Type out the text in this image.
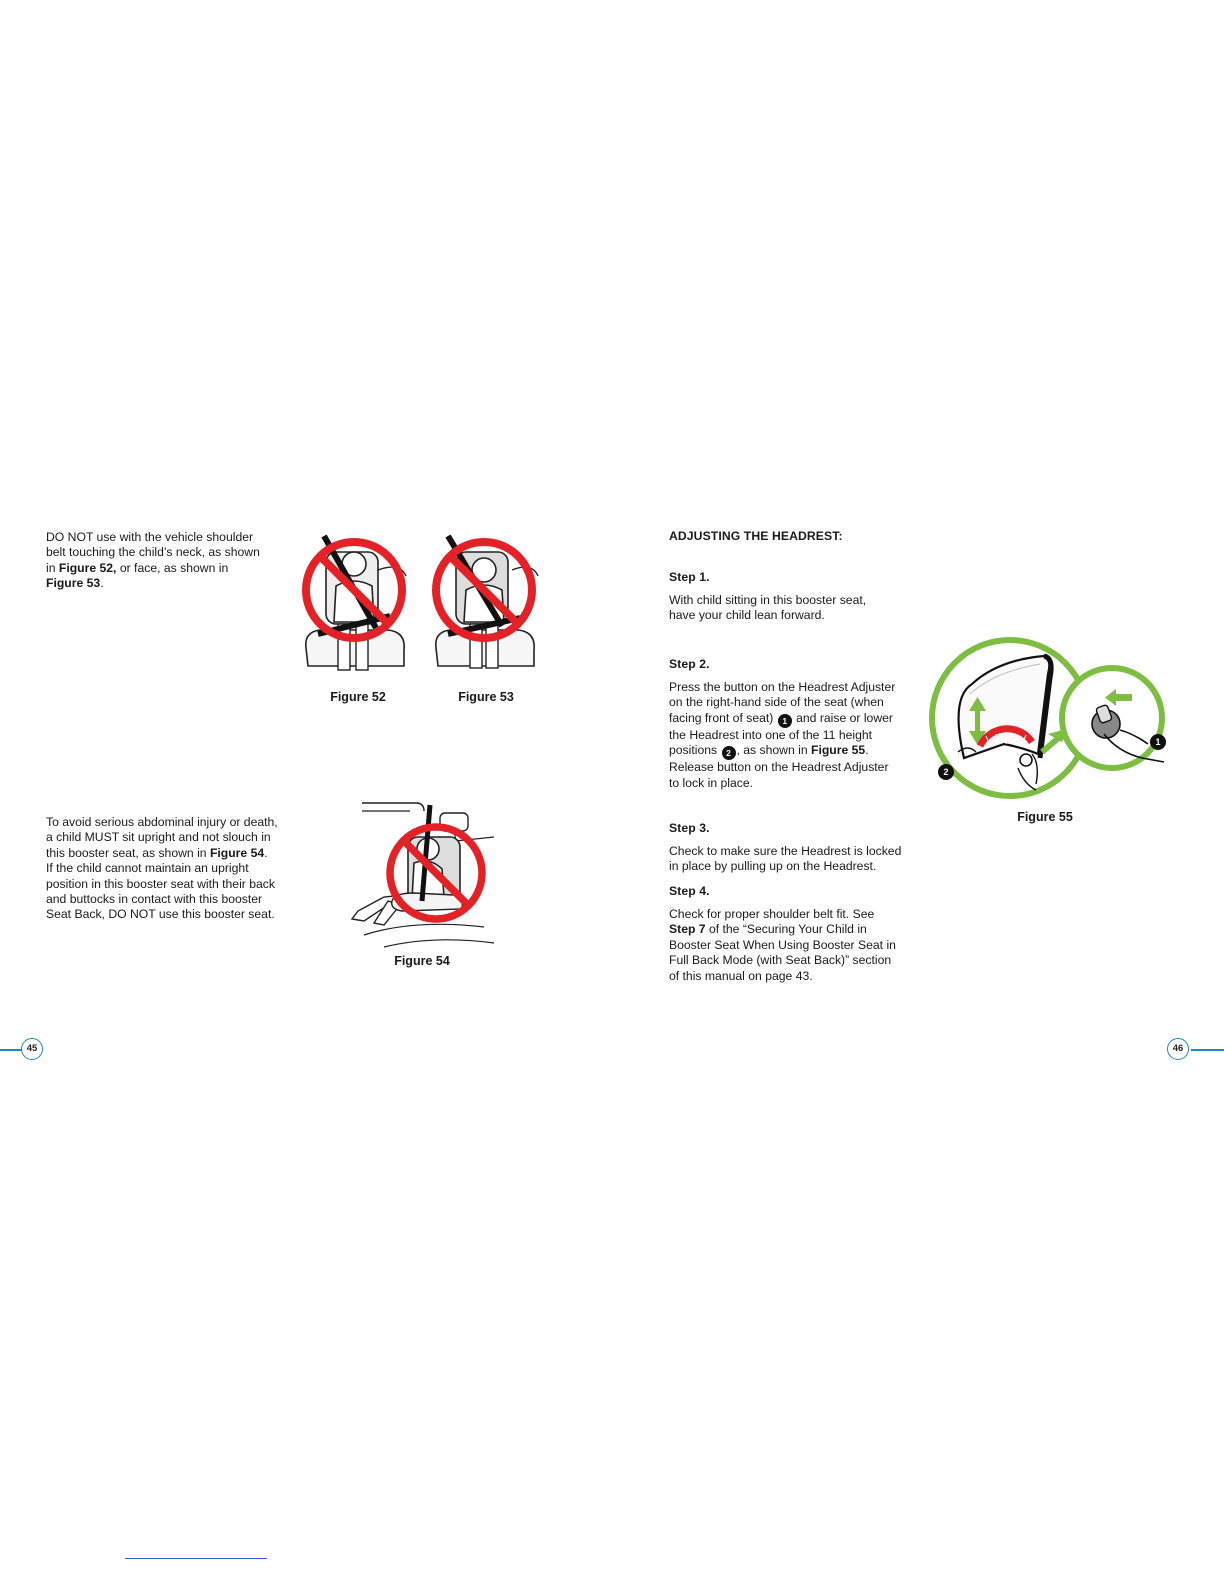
DO NOT use with the vehicle shoulder
belt touching the child’s neck, as shown
in Figure 52, or face, as shown in
Figure 53.
Figure 52	Figure 53
To avoid serious abdominal injury or death,
a child MUST sit upright and not slouch in
this booster seat, as shown in Figure 54.
If the child cannot maintain an upright
position in this booster seat with their back
and buttocks in contact with this booster
Seat Back, DO NOT use this booster seat.
Figure 54
45
ADJUSTING THE HEADREST:
Step 1.
With child sitting in this booster seat,
have your child lean forward.
Step 2.
Press the button on the Headrest Adjuster
on the right-hand side of the seat (when
facing front of seat) 1 and raise or lower
the Headrest into one of the 11 height
positions 2 , as shown in Figure 55.
Release button on the Headrest Adjuster
to lock in place.
Step 3.
Check to make sure the Headrest is locked
in place by pulling up on the Headrest.
Step 4.
Check for proper shoulder belt fit. See
Step 7 of the “Securing Your Child in
Booster Seat When Using Booster Seat in
Full Back Mode (with Seat Back)” section
of this manual on page 43.
1
2
Figure 55
46
